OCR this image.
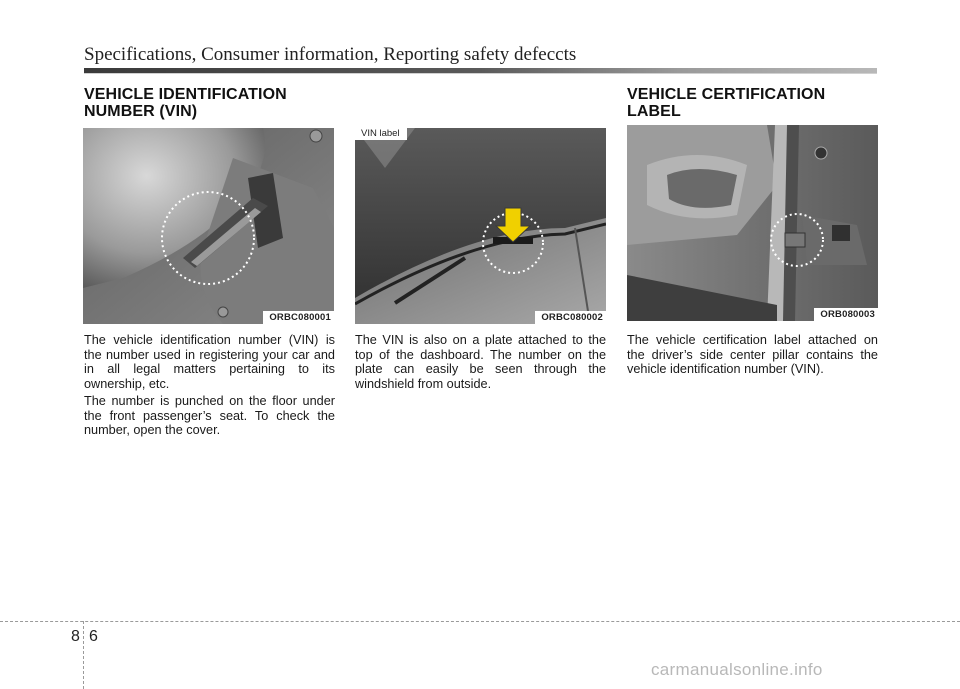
Specifications, Consumer information, Reporting safety defeccts
VEHICLE IDENTIFICATION
NUMBER (VIN)
ORBC080001

The vehicle identification number (VIN) is the number used in registering your car and in all legal matters pertaining to its ownership, etc.

The number is punched on the floor under the front passenger’s seat. To check the number, open the cover.

VIN label
ORBC080002

The VIN is also on a plate attached to the top of the dashboard. The number on the plate can easily be seen through the windshield from outside.

VEHICLE CERTIFICATION
LABEL
ORB080003

The vehicle certification label attached on the driver’s side center pillar contains the vehicle identification number (VIN).

8 6
carmanualsonline.info
